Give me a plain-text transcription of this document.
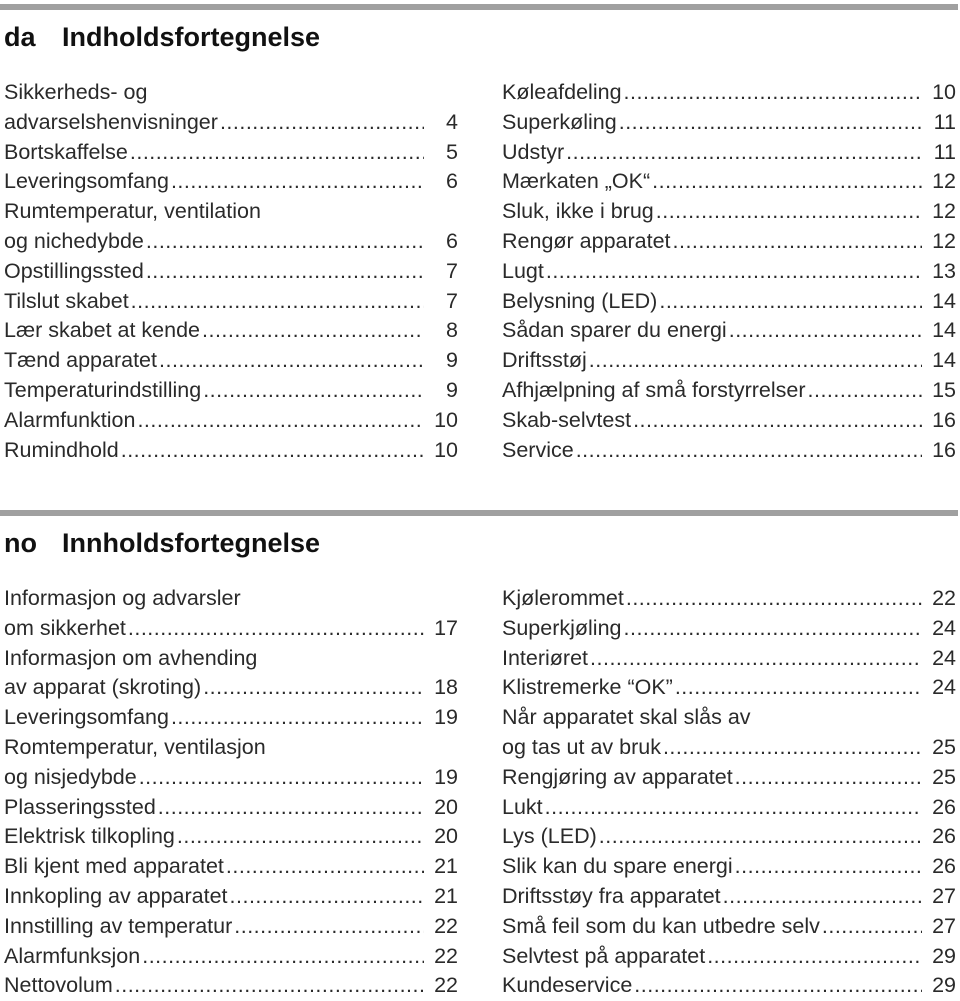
da Indholdsfortegnelse
Sikkerheds- og
advarselshenvisninger .....	4
Bortskaffelse .....	5
Leveringsomfang .....	6
Rumtemperatur, ventilation
og nichedybde .....	6
Opstillingssted .....	7
Tilslut skabet .....	7
Lær skabet at kende .....	8
Tænd apparatet .....	9
Temperaturindstilling .....	9
Alarmfunktion .....	10
Rumindhold .....	10
Køleafdeling .....	10
Superkøling .....	11
Udstyr .....	11
Mærkaten „OK“ .....	12
Sluk, ikke i brug .....	12
Rengør apparatet .....	12
Lugt .....	13
Belysning (LED) .....	14
Sådan sparer du energi .....	14
Driftsstøj .....	14
Afhjælpning af små forstyrrelser .....	15
Skab-selvtest .....	16
Service .....	16
no Innholdsfortegnelse
Informasjon og advarsler
om sikkerhet .....	17
Informasjon om avhending
av apparat (skroting) .....	18
Leveringsomfang .....	19
Romtemperatur, ventilasjon
og nisjedybde .....	19
Plasseringssted .....	20
Elektrisk tilkopling .....	20
Bli kjent med apparatet .....	21
Innkopling av apparatet .....	21
Innstilling av temperatur .....	22
Alarmfunksjon .....	22
Nettovolum .....	22
Kjølerommet .....	22
Superkjøling .....	24
Interiøret .....	24
Klistremerke “OK” .....	24
Når apparatet skal slås av
og tas ut av bruk .....	25
Rengjøring av apparatet .....	25
Lukt .....	26
Lys (LED) .....	26
Slik kan du spare energi .....	26
Driftsstøy fra apparatet .....	27
Små feil som du kan utbedre selv .....	27
Selvtest på apparatet .....	29
Kundeservice .....	29
